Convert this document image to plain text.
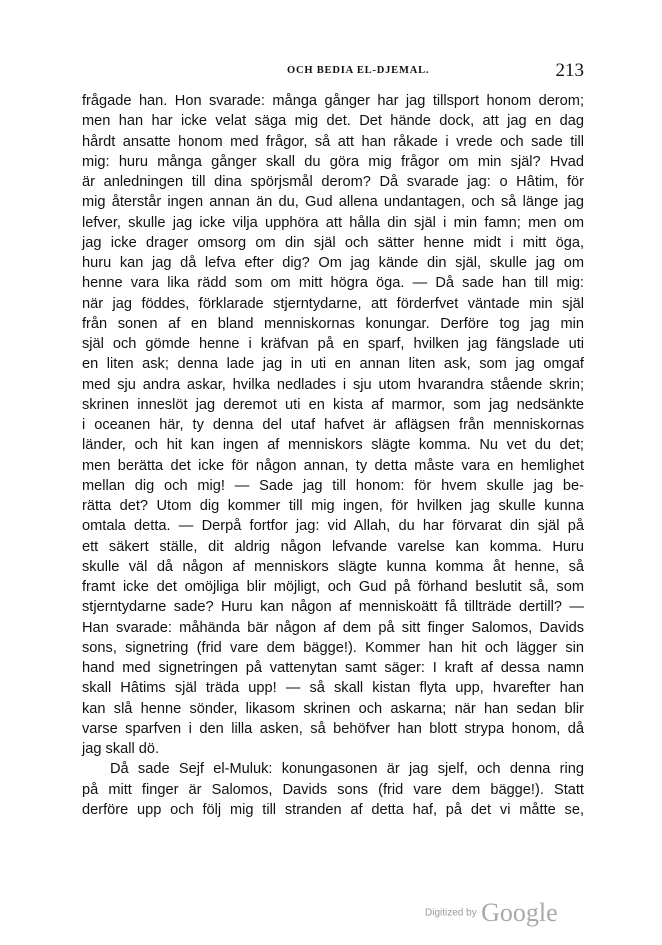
OCH BEDIA EL-DJEMAL.	213
frågade han. Hon svarade: många gånger har jag tillsport honom derom;
men han har icke velat säga mig det. Det hände dock, att jag en dag
hårdt ansatte honom med frågor, så att han råkade i vrede och sade till
mig: huru många gånger skall du göra mig frågor om min själ? Hvad
är anledningen till dina spörjsmål derom? Då svarade jag: o Hâtim, för
mig återstår ingen annan än du, Gud allena undantagen, och så länge jag
lefver, skulle jag icke vilja upphöra att hålla din själ i min famn; men om
jag icke drager omsorg om din själ och sätter henne midt i mitt öga,
huru kan jag då lefva efter dig? Om jag kände din själ, skulle jag om
henne vara lika rädd som om mitt högra öga. — Då sade han till mig:
när jag föddes, förklarade stjerntydarne, att förderfvet väntade min själ
från sonen af en bland menniskornas konungar. Derföre tog jag min
själ och gömde henne i kräfvan på en sparf, hvilken jag fängslade uti
en liten ask; denna lade jag in uti en annan liten ask, som jag omgaf
med sju andra askar, hvilka nedlades i sju utom hvarandra stående skrin;
skrinen inneslöt jag deremot uti en kista af marmor, som jag nedsänkte
i oceanen här, ty denna del utaf hafvet är aflägsen från menniskornas
länder, och hit kan ingen af menniskors slägte komma. Nu vet du det;
men berätta det icke för någon annan, ty detta måste vara en hemlighet
mellan dig och mig! — Sade jag till honom: för hvem skulle jag be-
rätta det? Utom dig kommer till mig ingen, för hvilken jag skulle kunna
omtala detta. — Derpå fortfor jag: vid Allah, du har förvarat din själ på
ett säkert ställe, dit aldrig någon lefvande varelse kan komma. Huru
skulle väl då någon af menniskors slägte kunna komma åt henne, så
framt icke det omöjliga blir möjligt, och Gud på förhand beslutit så, som
stjerntydarne sade? Huru kan någon af menniskoätt få tillträde dertill? —
Han svarade: måhända bär någon af dem på sitt finger Salomos, Davids
sons, signetring (frid vare dem bägge!). Kommer han hit och lägger sin
hand med signetringen på vattenytan samt säger: I kraft af dessa namn
skall Hâtims själ träda upp! — så skall kistan flyta upp, hvarefter han
kan slå henne sönder, likasom skrinen och askarna; när han sedan blir
varse sparfven i den lilla asken, så behöfver han blott strypa honom, då
jag skall dö.
Då sade Sejf el-Muluk: konungasonen är jag sjelf, och denna ring
på mitt finger är Salomos, Davids sons (frid vare dem bägge!). Statt
derföre upp och följ mig till stranden af detta haf, på det vi måtte se,
Digitized by Google
